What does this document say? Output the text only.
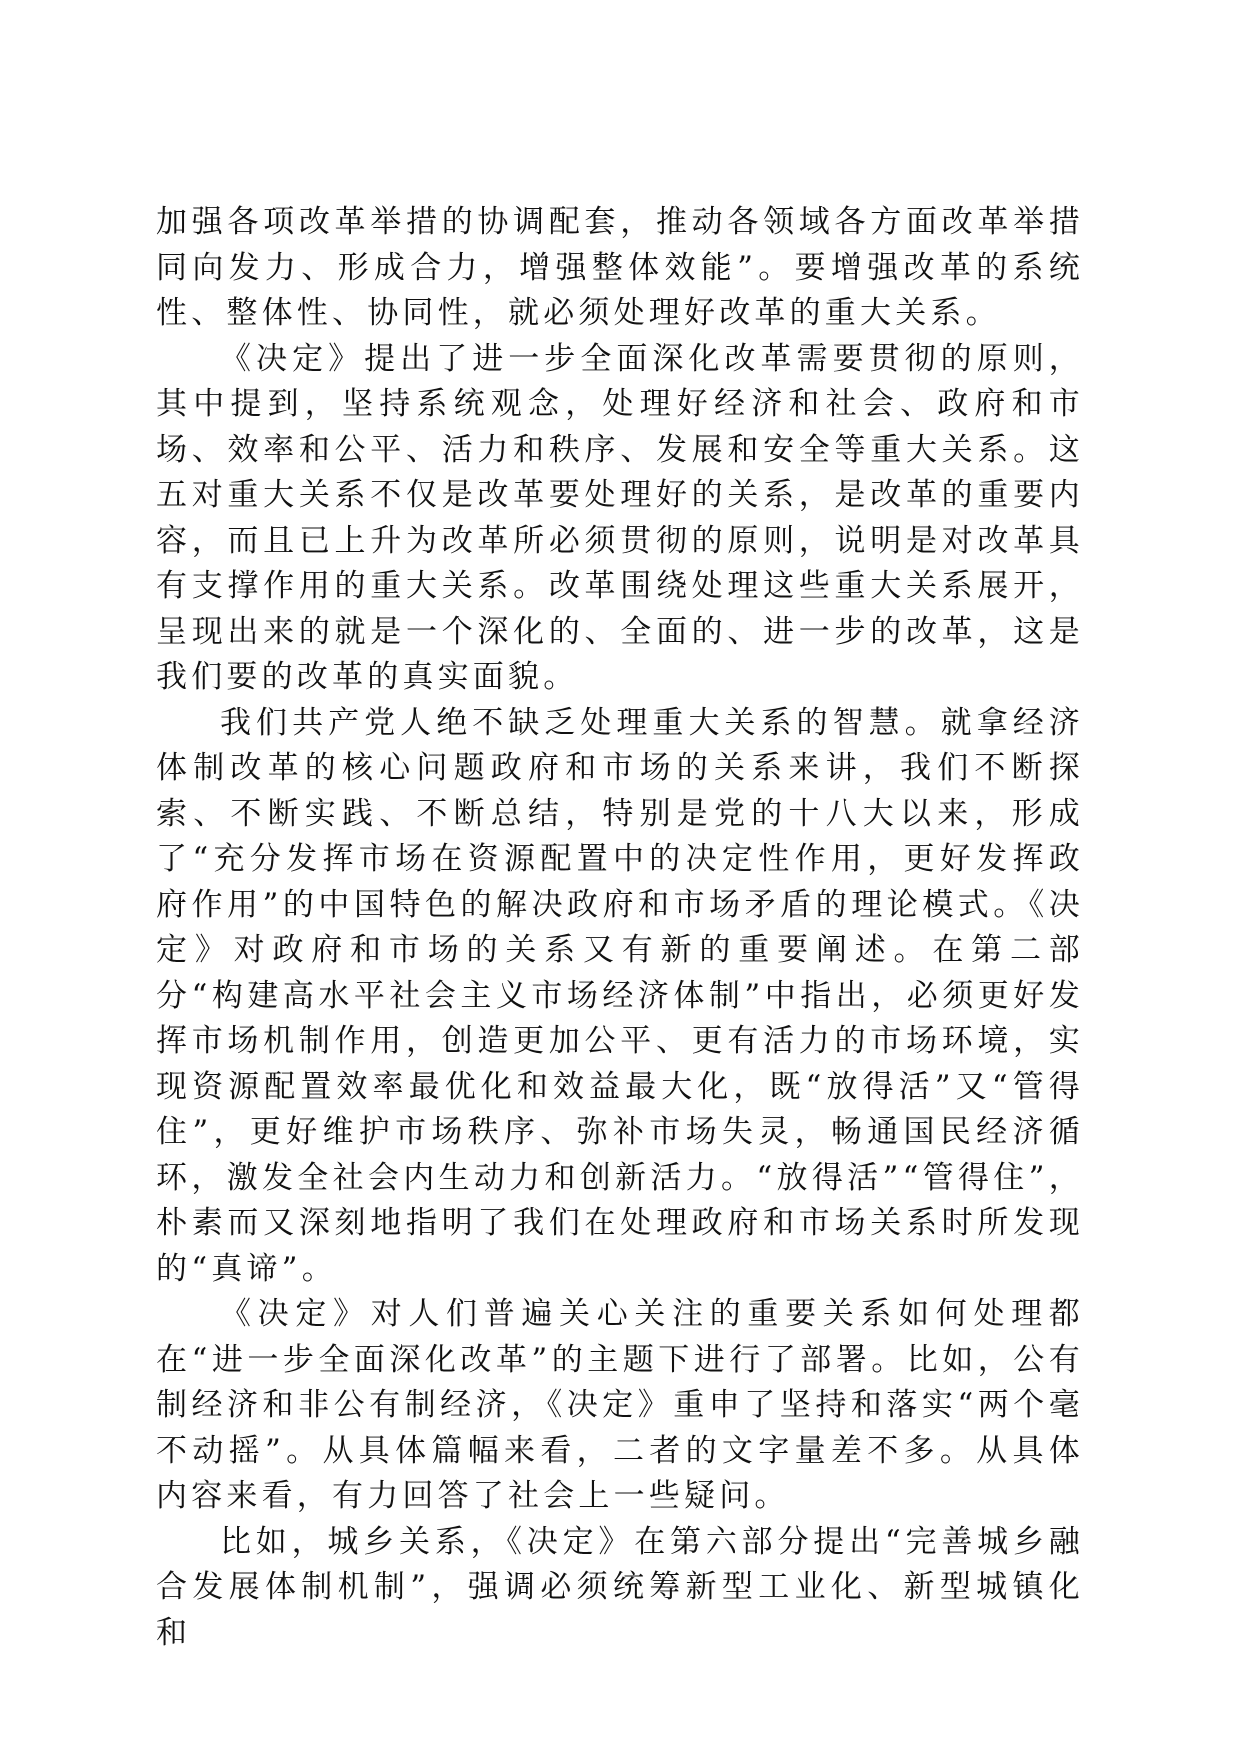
加强各项改革举措的协调配套，推动各领域各方面改革举措同向发力、形成合力，增强整体效能”。要增强改革的系统性、整体性、协同性，就必须处理好改革的重大关系。

《决定》提出了进一步全面深化改革需要贯彻的原则，其中提到，坚持系统观念，处理好经济和社会、政府和市场、效率和公平、活力和秩序、发展和安全等重大关系。这五对重大关系不仅是改革要处理好的关系，是改革的重要内容，而且已上升为改革所必须贯彻的原则，说明是对改革具有支撑作用的重大关系。改革围绕处理这些重大关系展开，呈现出来的就是一个深化的、全面的、进一步的改革，这是我们要的改革的真实面貌。

我们共产党人绝不缺乏处理重大关系的智慧。就拿经济体制改革的核心问题政府和市场的关系来讲，我们不断探索、不断实践、不断总结，特别是党的十八大以来，形成了“充分发挥市场在资源配置中的决定性作用，更好发挥政府作用”的中国特色的解决政府和市场矛盾的理论模式。《决定》对政府和市场的关系又有新的重要阐述。在第二部分“构建高水平社会主义市场经济体制”中指出，必须更好发挥市场机制作用，创造更加公平、更有活力的市场环境，实现资源配置效率最优化和效益最大化，既“放得活”又“管得住”，更好维护市场秩序、弥补市场失灵，畅通国民经济循环，激发全社会内生动力和创新活力。“放得活”“管得住”，朴素而又深刻地指明了我们在处理政府和市场关系时所发现的“真谛”。

《决定》对人们普遍关心关注的重要关系如何处理都在“进一步全面深化改革”的主题下进行了部署。比如，公有制经济和非公有制经济，《决定》重申了坚持和落实“两个毫不动摇”。从具体篇幅来看，二者的文字量差不多。从具体内容来看，有力回答了社会上一些疑问。

比如，城乡关系，《决定》在第六部分提出“完善城乡融合发展体制机制”，强调必须统筹新型工业化、新型城镇化和
